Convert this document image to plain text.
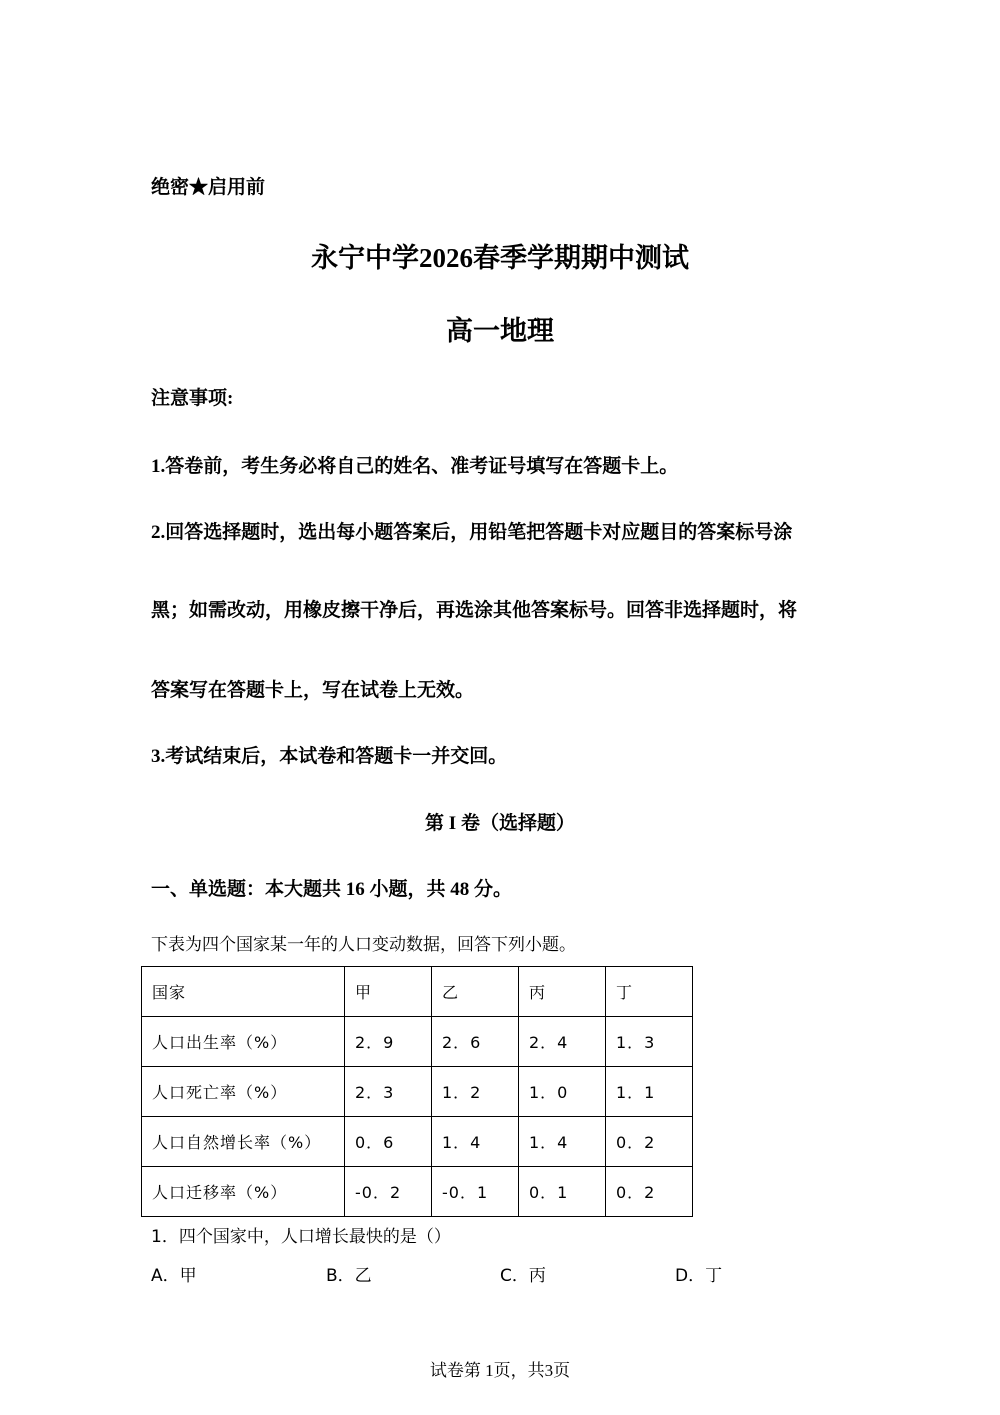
绝密★启用前
永宁中学2026春季学期期中测试
高一地理
注意事项:
1.答卷前，考生务必将自己的姓名、准考证号填写在答题卡上。
2.回答选择题时，选出每小题答案后，用铅笔把答题卡对应题目的答案标号涂
黑；如需改动，用橡皮擦干净后，再选涂其他答案标号。回答非选择题时，将
答案写在答题卡上，写在试卷上无效。
3.考试结束后，本试卷和答题卡一并交回。
第 I 卷（选择题）
一、单选题：本大题共 16 小题，共 48 分。
下表为四个国家某一年的人口变动数据，回答下列小题。
国家	甲	乙	丙	丁
人口出生率（%）	2．9	2．6	2．4	1．3
人口死亡率（%）	2．3	1．2	1．0	1．1
人口自然增长率（%）	0．6	1．4	1．4	0．2
人口迁移率（%）	-0．2	-0．1	0．1	0．2
1．四个国家中，人口增长最快的是（）
A．甲	B．乙	C．丙	D．丁
试卷第 1页，共3页
